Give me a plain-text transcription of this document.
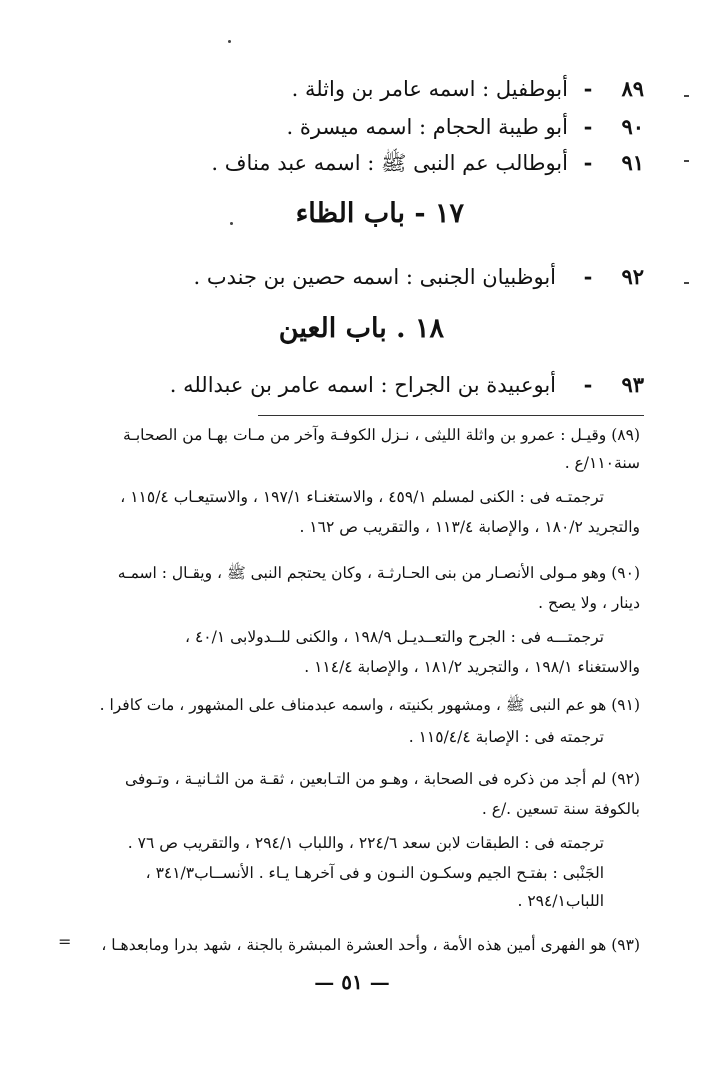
٨٩-أبوطفيل : اسمه عامر بن واثلة .
٩٠-أبو طيبة الحجام : اسمه ميسرة .
٩١-أبوطالب عم النبى ﷺ : اسمه عبد مناف .
١٧ - باب الظاء
٩٢-أبوظبيان الجنبى : اسمه حصين بن جندب .
١٨ . باب العين
٩٣-أبوعبيدة بن الجراح : اسمه عامر بن عبدالله .
(٨٩) وقيـل : عمرو بن واثلة الليثى ، نـزل الكوفـة وآخر من مـات بهـا من الصحابـة
سنة١١٠/ع .
ترجمتـه فى : الكنى لمسلم ٤٥٩/١ ، والاستغنـاء ١٩٧/١ ، والاستيعـاب ١١٥/٤ ،
والتجريد ١٨٠/٢ ، والإصابة ١١٣/٤ ، والتقريب ص ١٦٢ .
(٩٠) وهو مـولى الأنصـار من بنى الحـارثـة ، وكان يحتجم النبى ﷺ ، ويقـال : اسمـه
دينار ، ولا يصح .
ترجمتـــه فى : الجرح والتعــديـل ١٩٨/٩ ، والكنى للــدولابى ٤٠/١ ،
والاستغناء ١٩٨/١ ، والتجريد ١٨١/٢ ، والإصابة ١١٤/٤ .
(٩١) هو عم النبى ﷺ ، ومشهور بكنيته ، واسمه عبدمناف على المشهور ، مات كافرا .
ترجمته فى : الإصابة ١١٥/٤/٤ .
(٩٢) لم أجد من ذكره فى الصحابة ، وهـو من التـابعين ، ثقـة من الثـانيـة ، وتـوفى
بالكوفة سنة تسعين ./ع .
ترجمته فى : الطبقات لابن سعد ٢٢٤/٦ ، واللباب ٢٩٤/١ ، والتقريب ص ٧٦ .
الجَنْبى : بفتـح الجيم وسكـون النـون و فى آخرهـا يـاء . الأنســاب٣٤١/٣ ،
اللباب٢٩٤/١ .
(٩٣) هو الفهرى أمين هذه الأمة ، وأحد العشرة المبشرة بالجنة ، شهد بدرا ومابعدهـا ،
=
— ٥١ —
